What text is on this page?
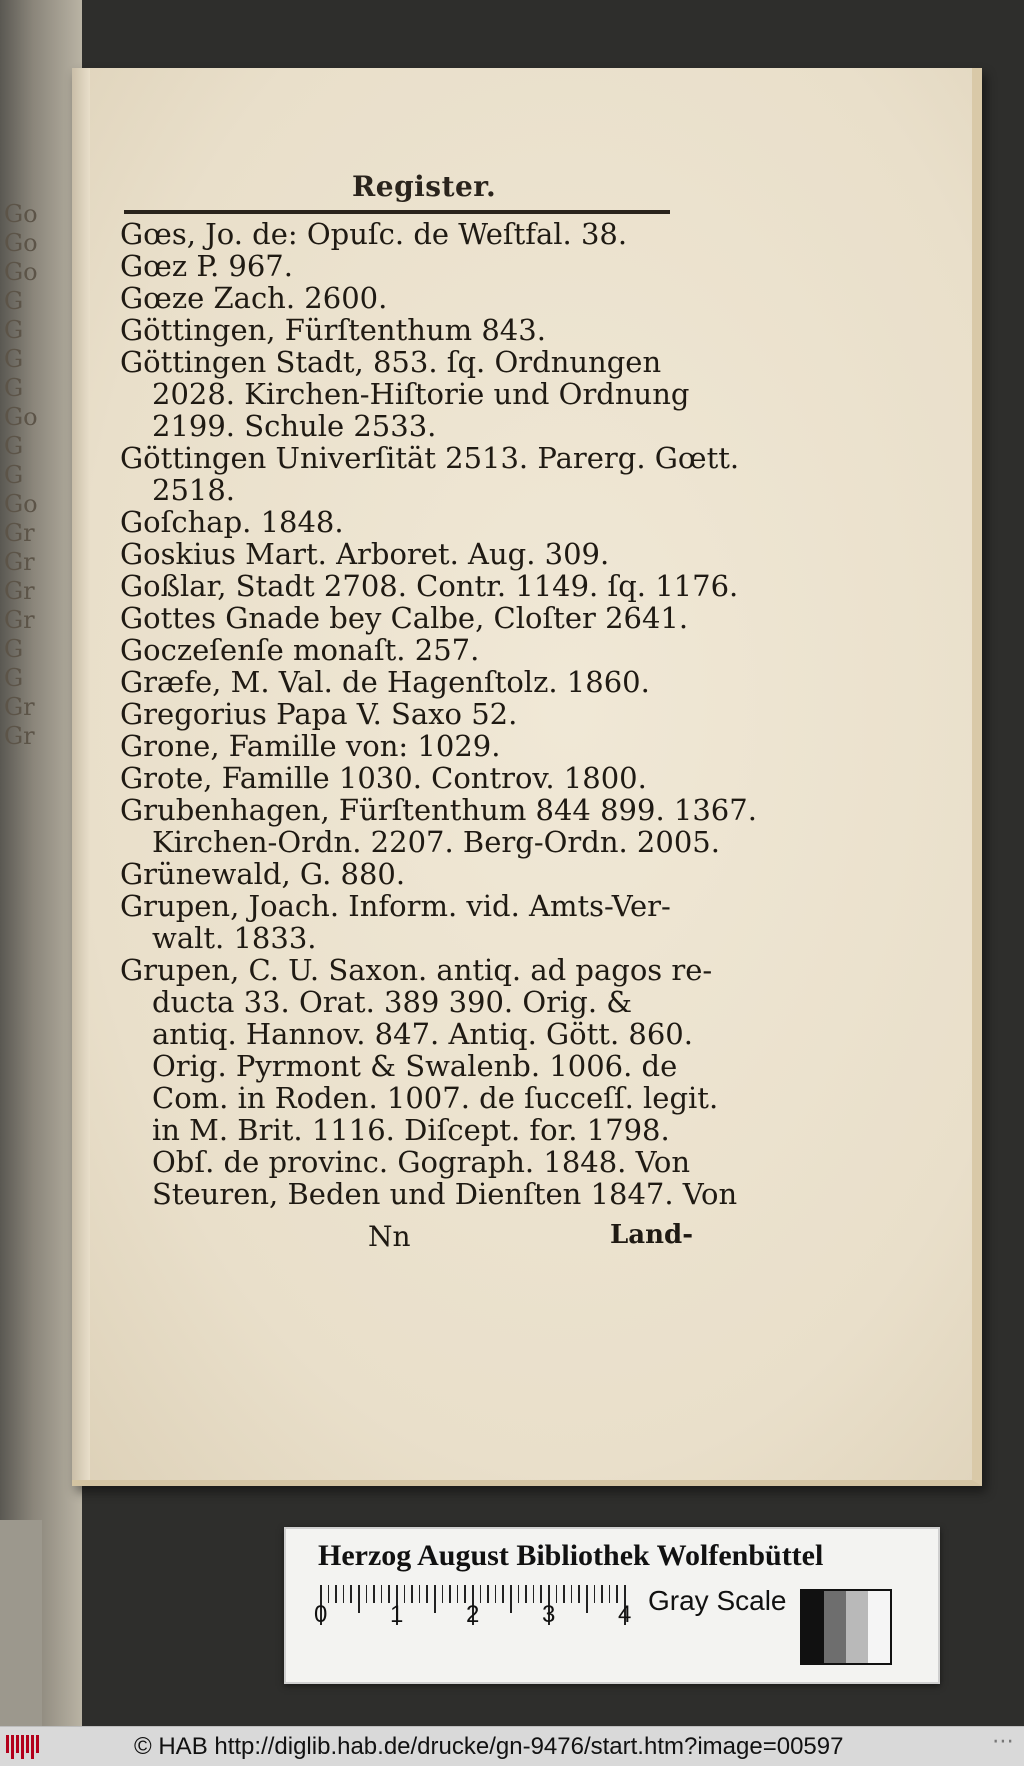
Go
Go
Go
G
G
G
G
Go
G
G
Go
Gr
Gr
Gr
Gr
G
G
Gr
Gr
Register.

Gœs, Jo. de: Opuſc. de Weſtfal. 38.

Gœz P. 967.

Gœze Zach. 2600.

Göttingen, Fürſtenthum 843.

Göttingen Stadt, 853. ſq. Ordnungen
2028. Kirchen-Hiſtorie und Ordnung
2199. Schule 2533.

Göttingen Univerſität 2513. Parerg. Gœtt.
2518.

Goſchap. 1848.

Goskius Mart. Arboret. Aug. 309.

Goßlar, Stadt 2708. Contr. 1149. ſq. 1176.

Gottes Gnade bey Calbe, Cloſter 2641.

Goczeſenſe monaſt. 257.

Græfe, M. Val. de Hagenſtolz. 1860.

Gregorius Papa V. Saxo 52.

Grone, Famille von: 1029.

Grote, Famille 1030. Controv. 1800.

Grubenhagen, Fürſtenthum 844 899. 1367.
Kirchen-Ordn. 2207. Berg-Ordn. 2005.

Grünewald, G. 880.

Grupen, Joach. Inform. vid. Amts-Ver-
walt. 1833.

Grupen, C. U. Saxon. antiq. ad pagos re-
ducta 33. Orat. 389 390. Orig. &
antiq. Hannov. 847. Antiq. Gött. 860.
Orig. Pyrmont & Swalenb. 1006. de
Com. in Roden. 1007. de ſucceſſ. legit.
in M. Brit. 1116. Diſcept. for. 1798.
Obſ. de provinc. Gograph. 1848. Von
Steuren, Beden und Dienſten 1847. Von

Nn	Land-
Herzog August Bibliothek Wolfenbüttel
Gray Scale
0	1	2	3	4
© HAB http://diglib.hab.de/drucke/gn-9476/start.htm?image=00597	⋯
